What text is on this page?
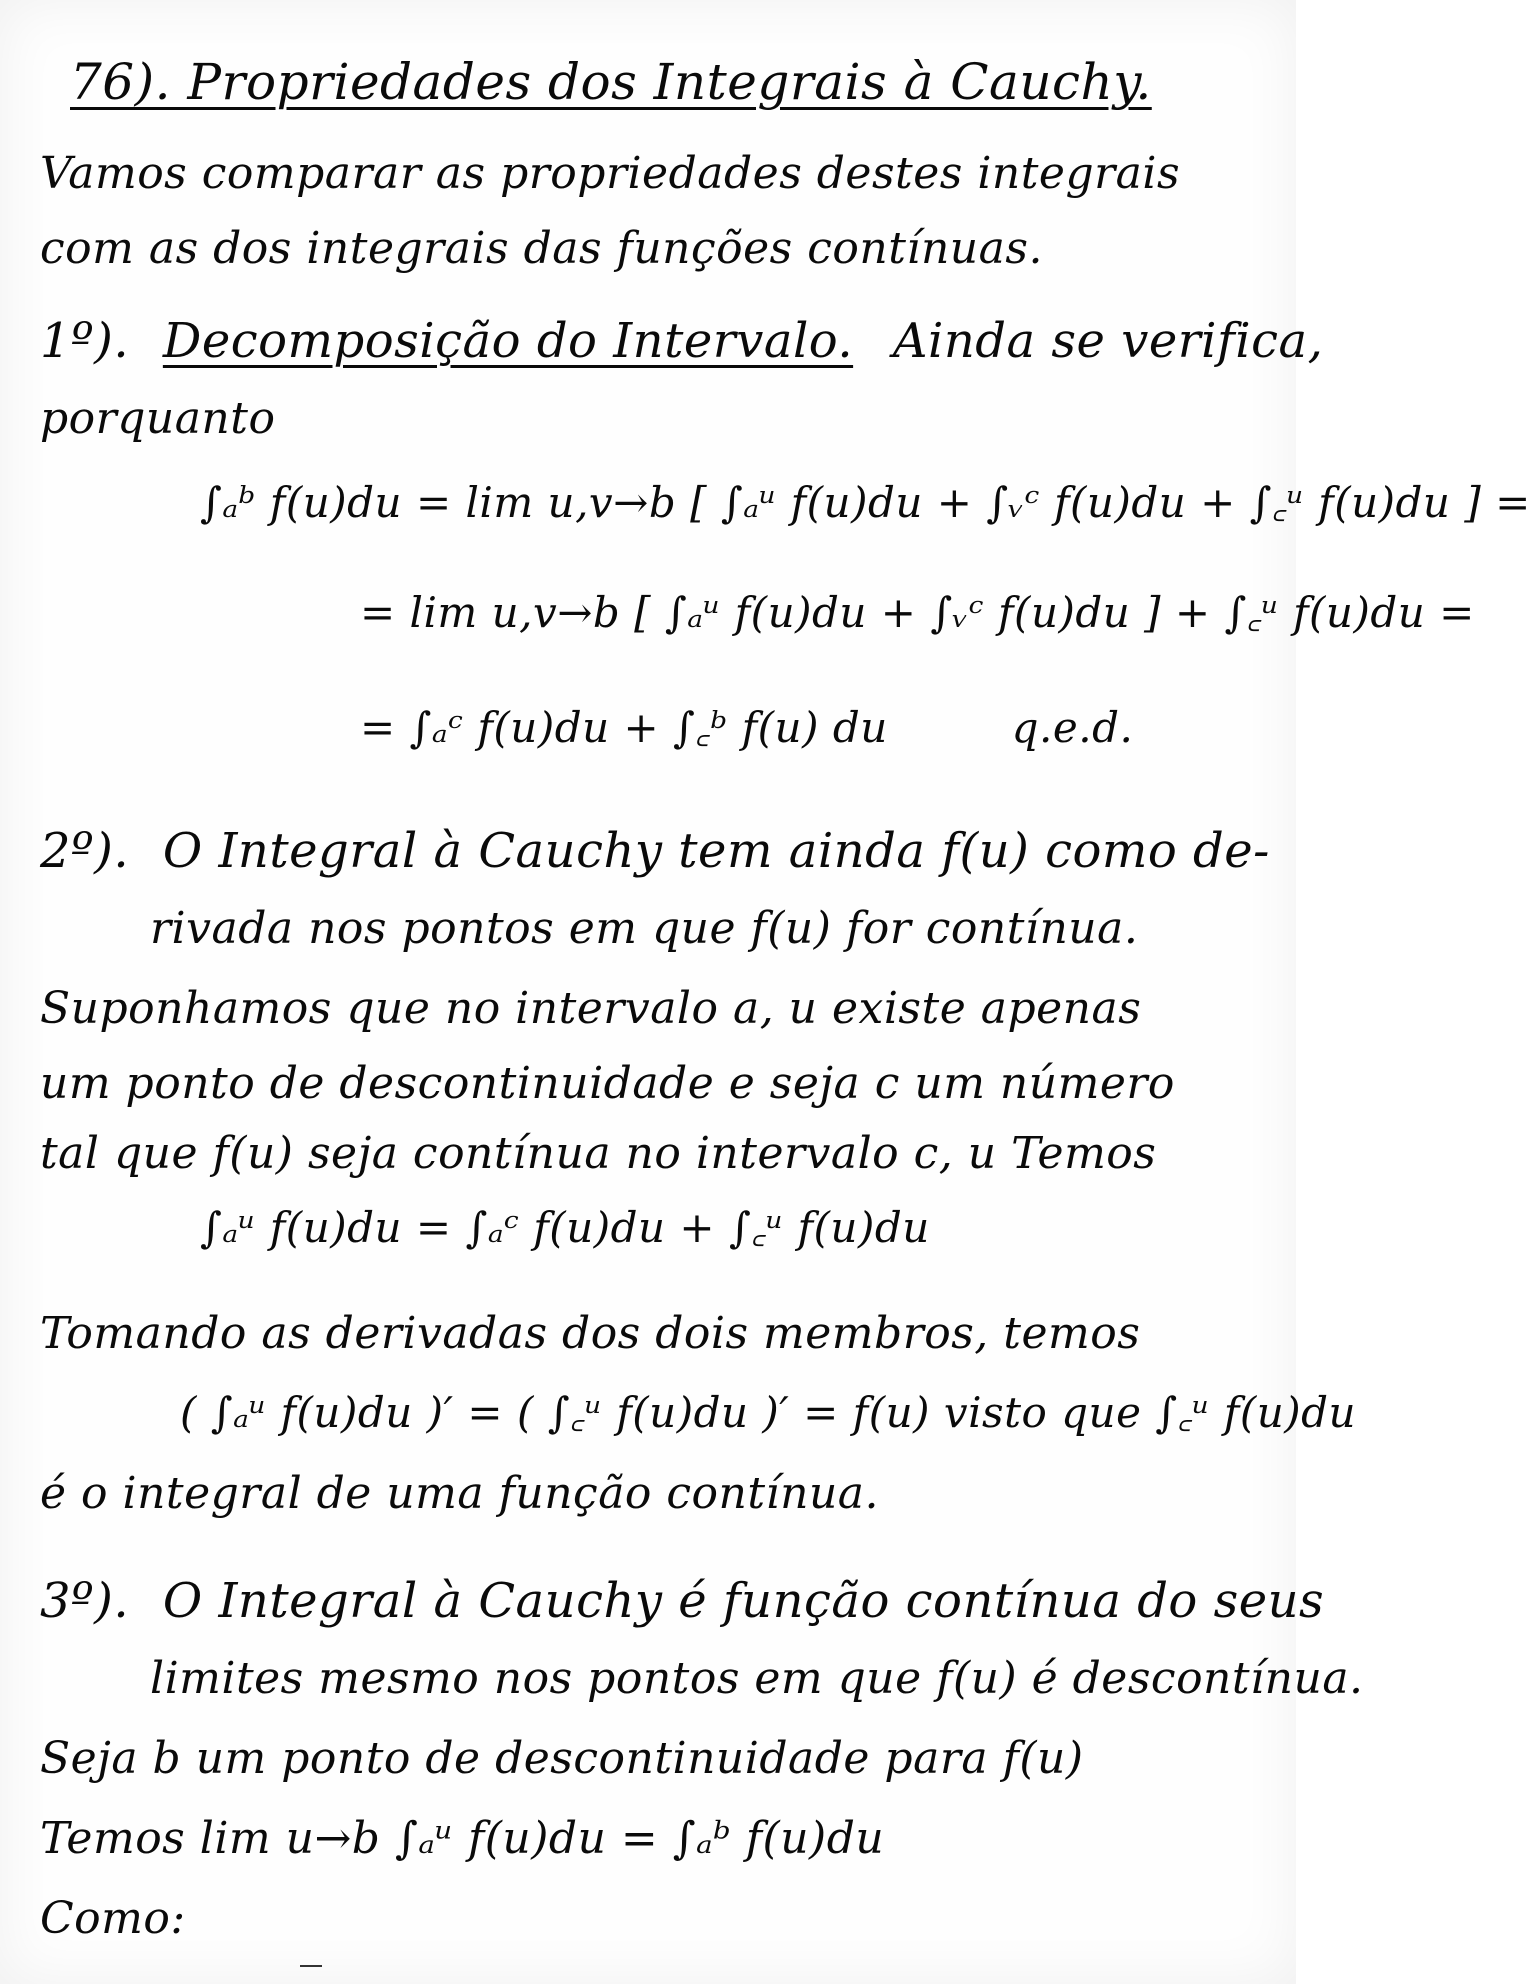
76). Propriedades dos Integrais à Cauchy.
Vamos comparar as propriedades destes integrais
com as dos integrais das funções contínuas.
1º). Decomposição do Intervalo. Ainda se verifica,
porquanto
∫ₐᵇ f(u)du = lim u,v→b [ ∫ₐᵘ f(u)du + ∫ᵥᶜ f(u)du + ∫꜀ᵘ f(u)du ] =
= lim u,v→b [ ∫ₐᵘ f(u)du + ∫ᵥᶜ f(u)du ] + ∫꜀ᵘ f(u)du =
= ∫ₐᶜ f(u)du + ∫꜀ᵇ f(u) du	q.e.d.
2º). O Integral à Cauchy tem ainda f(u) como de-
rivada nos pontos em que f(u) for contínua.
Suponhamos que no intervalo a, u existe apenas
um ponto de descontinuidade e seja c um número
tal que f(u) seja contínua no intervalo c, u Temos
∫ₐᵘ f(u)du = ∫ₐᶜ f(u)du + ∫꜀ᵘ f(u)du
Tomando as derivadas dos dois membros, temos
( ∫ₐᵘ f(u)du )′ = ( ∫꜀ᵘ f(u)du )′ = f(u) visto que ∫꜀ᵘ f(u)du
é o integral de uma função contínua.
3º). O Integral à Cauchy é função contínua do seus
limites mesmo nos pontos em que f(u) é descontínua.
Seja b um ponto de descontinuidade para f(u)
Temos lim u→b ∫ₐᵘ f(u)du = ∫ₐᵇ f(u)du
Como:
